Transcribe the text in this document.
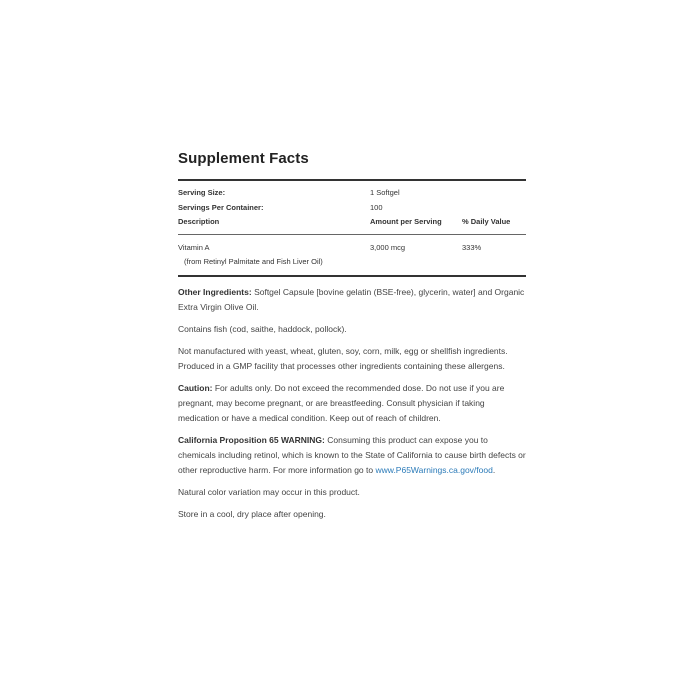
Supplement Facts
Serving Size:	1 Softgel
Servings Per Container:	100
Description	Amount per Serving	% Daily Value
Vitamin A	3,000 mcg	333%
(from Retinyl Palmitate and Fish Liver Oil)

Other Ingredients: Softgel Capsule [bovine gelatin (BSE-free), glycerin, water] and Organic Extra Virgin Olive Oil.

Contains fish (cod, saithe, haddock, pollock).

Not manufactured with yeast, wheat, gluten, soy, corn, milk, egg or shellfish ingredients. Produced in a GMP facility that processes other ingredients containing these allergens.

Caution: For adults only. Do not exceed the recommended dose. Do not use if you are pregnant, may become pregnant, or are breastfeeding. Consult physician if taking medication or have a medical condition. Keep out of reach of children.

California Proposition 65 WARNING: Consuming this product can expose you to chemicals including retinol, which is known to the State of California to cause birth defects or other reproductive harm. For more information go to www.P65Warnings.ca.gov/food.

Natural color variation may occur in this product.

Store in a cool, dry place after opening.
